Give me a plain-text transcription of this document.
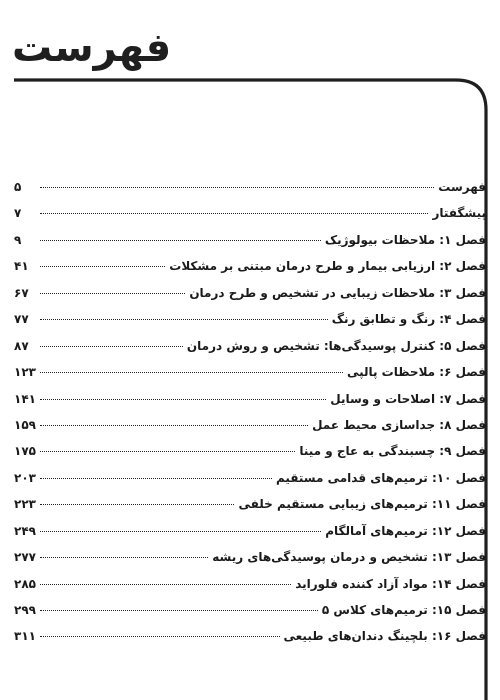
فهرست
فهرست
۵
پیشگفتار
۷
فصل ۱: ملاحظات بیولوژیک
۹
فصل ۲: ارزیابی بیمار و طرح درمان مبتنی بر مشکلات
۴۱
فصل ۳: ملاحظات زیبایی در تشخیص و طرح درمان
۶۷
فصل ۴: رنگ و تطابق رنگ
۷۷
فصل ۵: کنترل پوسیدگی‌ها: تشخیص و روش درمان
۸۷
فصل ۶: ملاحظات پالپی
۱۲۳
فصل ۷: اصلاحات و وسایل
۱۴۱
فصل ۸: جداسازی محیط عمل
۱۵۹
فصل ۹: چسبندگی به عاج و مینا
۱۷۵
فصل ۱۰: ترمیم‌های قدامی مستقیم
۲۰۳
فصل ۱۱: ترمیم‌های زیبایی مستقیم خلفی
۲۲۳
فصل ۱۲: ترمیم‌های آمالگام
۲۴۹
فصل ۱۳: تشخیص و درمان پوسیدگی‌های ریشه
۲۷۷
فصل ۱۴: مواد آزاد کننده فلوراید
۲۸۵
فصل ۱۵: ترمیم‌های کلاس ۵
۲۹۹
فصل ۱۶: بلچینگ دندان‌های طبیعی
۳۱۱
